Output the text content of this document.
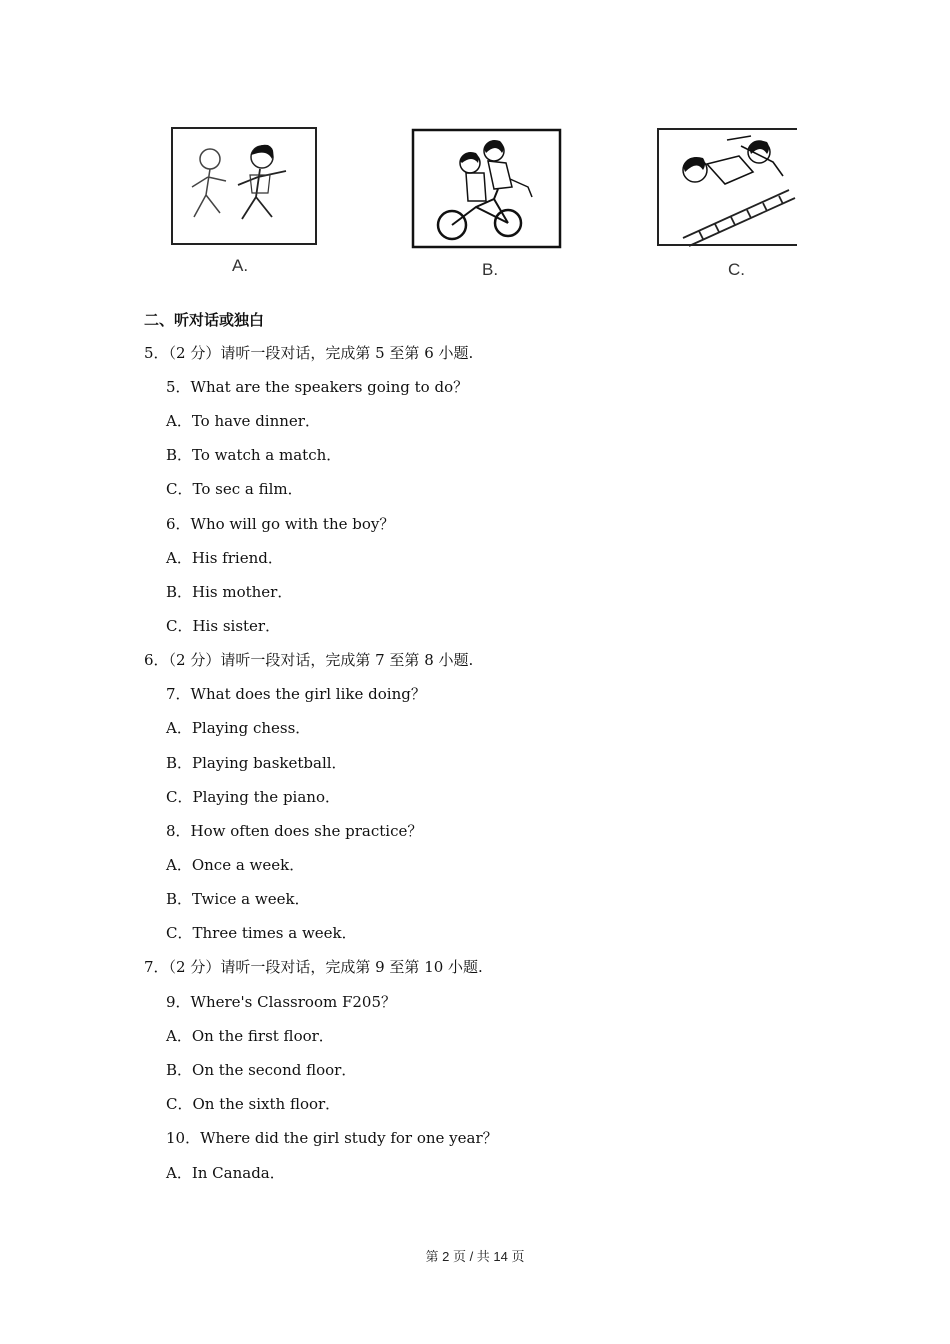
A.	B.	C.
二、听对话或独白
5．（2 分）请听一段对话，完成第 5 至第 6 小题.
5．What are the speakers going to do？
A．To have dinner．
B．To watch a match．
C．To sec a film．
6．Who will go with the boy？
A．His friend．
B．His mother．
C．His sister．
6．（2 分）请听一段对话，完成第 7 至第 8 小题.
7．What does the girl like doing？
A．Playing chess．
B．Playing basketball．
C．Playing the piano．
8．How often does she practice？
A．Once a week．
B．Twice a week．
C．Three times a week．
7．（2 分）请听一段对话，完成第 9 至第 10 小题.
9．Where's Classroom F205？
A．On the first floor．
B．On the second floor．
C．On the sixth floor．
10．Where did the girl study for one year？
A．In Canada．
第 2 页 / 共 14 页
